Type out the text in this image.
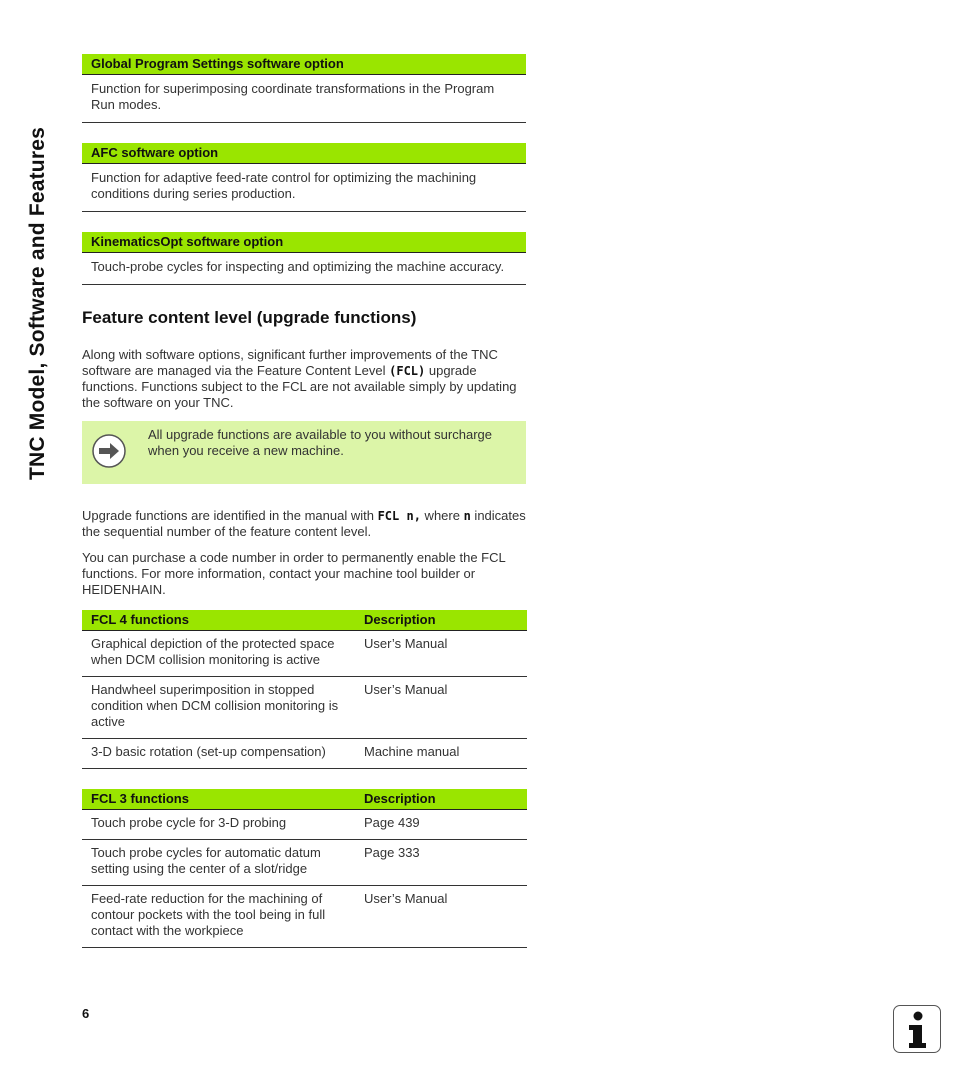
TNC Model, Software and Features
Global Program Settings software option
Function for superimposing coordinate transformations in the Program Run modes.
AFC software option
Function for adaptive feed-rate control for optimizing the machining conditions during series production.
KinematicsOpt software option
Touch-probe cycles for inspecting and optimizing the machine accuracy.
Feature content level (upgrade functions)

Along with software options, significant further improvements of the TNC software are managed via the Feature Content Level (FCL) upgrade functions. Functions subject to the FCL are not available simply by updating the software on your TNC.

All upgrade functions are available to you without surcharge when you receive a new machine.

Upgrade functions are identified in the manual with FCL n, where n indicates the sequential number of the feature content level.

You can purchase a code number in order to permanently enable the FCL functions. For more information, contact your machine tool builder or HEIDENHAIN.

FCL 4 functions	Description
Graphical depiction of the protected space when DCM collision monitoring is active	User’s Manual
Handwheel superimposition in stopped condition when DCM collision monitoring is active	User’s Manual
3-D basic rotation (set-up compensation)	Machine manual
FCL 3 functions	Description
Touch probe cycle for 3-D probing	Page 439
Touch probe cycles for automatic datum setting using the center of a slot/ridge	Page 333
Feed-rate reduction for the machining of contour pockets with the tool being in full contact with the workpiece	User’s Manual
6
